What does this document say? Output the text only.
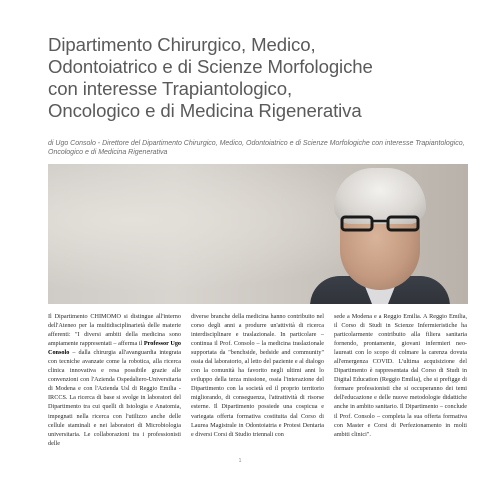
Dipartimento Chirurgico, Medico,
Odontoiatrico e di Scienze Morfologiche
con interesse Trapiantologico,
Oncologico e di Medicina Rigenerativa
di Ugo Consolo - Direttore del Dipartimento Chirurgico, Medico, Odontoiatrico e di Scienze Morfologiche con interesse Trapiantologico, Oncologico e di Medicina Rigenerativa

Il Dipartimento CHIMOMO si distingue all'interno dell'Ateneo per la multidisciplinarietà delle materie afferenti: "I diversi ambiti della medicina sono ampiamente rappresentati – afferma il Professor Ugo Consolo – dalla chirurgia all'avanguardia integrata con tecniche avanzate come la robotica, alla ricerca clinica innovativa e resa possibile grazie alle convenzioni con l'Azienda Ospedaliero-Universitaria di Modena e con l'Azienda Usl di Reggio Emilia -IRCCS. La ricerca di base si svolge in laboratori del Dipartimento tra cui quelli di Istologia e Anatomia, impegnati nella ricerca con l'utilizzo anche delle cellule staminali e nei laboratori di Microbiologia universitaria. Le collaborazioni tra i professionisti delle

diverse branche della medicina hanno contribuito nel corso degli anni a produrre un'attività di ricerca interdisciplinare e traslazionale. In particolare – continua il Prof. Consolo – la medicina traslazionale supportata da "benchside, bedside and community" ossia dal laboratorio, al letto del paziente e al dialogo con la comunità ha favorito negli ultimi anni lo sviluppo della terza missione, ossia l'interazione del Dipartimento con la società ed il proprio territorio migliorando, di conseguenza, l'attrattività di risorse esterne. Il Dipartimento possiede una cospicua e variegata offerta formativa costituita dal Corso di Laurea Magistrale in Odontoiatria e Protesi Dentaria e diversi Corsi di Studio triennali con

sede a Modena e a Reggio Emilia. A Reggio Emilia, il Corso di Studi in Scienze Infermieristiche ha particolarmente contribuito alla filiera sanitaria fornendo, prontamente, giovani infermieri neo-laureati con lo scopo di colmare la carenza dovuta all'emergenza COVID. L'ultima acquisizione del Dipartimento è rappresentata dal Corso di Studi in Digital Education (Reggio Emilia), che si prefigge di formare professionisti che si occuperanno dei temi dell'educazione e delle nuove metodologie didattiche anche in ambito sanitario. Il Dipartimento – conclude il Prof. Consolo – completa la sua offerta formativa con Master e Corsi di Perfezionamento in molti ambiti clinici".

1
